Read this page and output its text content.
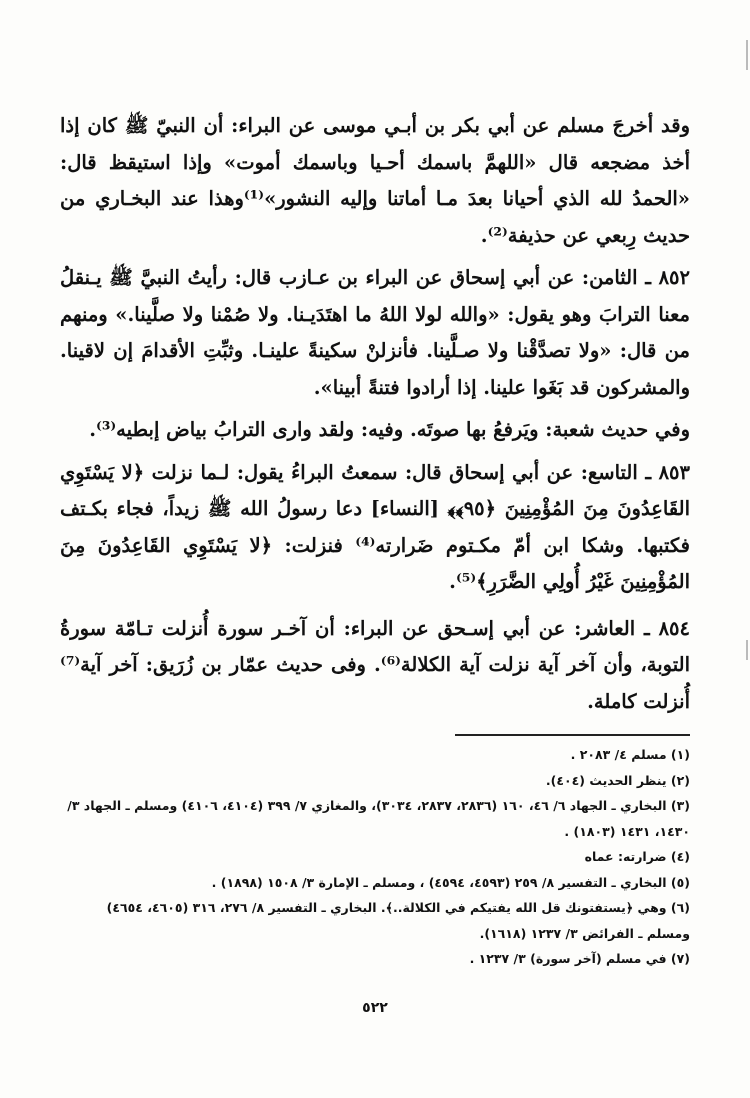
وقد أخرجَ مسلم عن أبي بكر بن أبـي موسى عن البراء: أن النبيّ ﷺ كان إذا أخذ مضجعه قال «اللهمَّ باسمك أحـيا وباسمك أموت» وإذا استيقظ قال: «الحمدُ لله الذي أحيانا بعدَ مـا أماتنا وإليه النشور»⁽¹⁾وهذا عند البخـاري من حديث رِبعي عن حذيفة⁽²⁾.

٨٥٢ ـ الثامن: عن أبي إسحاق عن البراء بن عـازب قال: رأيتُ النبيَّ ﷺ يـنقلُ معنا الترابَ وهو يقول: «والله لولا اللهُ ما اهتَدَيـنا. ولا صُمْنا ولا صلَّينا.» ومنهم من قال: «ولا تصدَّقْنا ولا صـلَّينا. فأنزلنْ سكينةً علينـا. وثبِّتِ الأقدامَ إن لاقينا. والمشركون قد بَغَوا علينا. إذا أرادوا فتنةً أبينا».

وفي حديث شعبة: ويَرفعُ بها صوتَه. وفيه: ولقد وارى الترابُ بياض إبطيه⁽³⁾.

٨٥٣ ـ التاسع: عن أبي إسحاق قال: سمعتُ البراءُ يقول: لـما نزلت ﴿لا يَسْتَوِي القَاعِدُونَ مِنَ المُؤْمِنِينَ ﴿٩٥﴾﴾ [النساء] دعا رسولُ الله ﷺ زيداً، فجاء بكـتف فكتبها. وشكا ابن أمّ مكـتوم ضَرارته⁽⁴⁾ فنزلت: ﴿لا يَسْتَوِي القَاعِدُونَ مِنَ المُؤْمِنِينَ غَيْرُ أُولِي الضَّرَرِ﴾⁽⁵⁾.

٨٥٤ ـ العاشر: عن أبي إسـحق عن البراء: أن آخـر سورة أُنزلت تـامّة سورةُ التوبة، وأن آخر آية نزلت آية الكلالة⁽⁶⁾. وفى حديث عمّار بن زُرَيق: آخر آية⁽⁷⁾ أُنزلت كاملة.

(١) مسلم ٤/ ٢٠٨٣ .

(٢) ينظر الحديث (٤٠٤).

(٣) البخاري ـ الجهاد ٦/ ٤٦، ١٦٠ (٢٨٣٦، ٢٨٣٧، ٣٠٣٤)، والمغازي ٧/ ٣٩٩ (٤١٠٤، ٤١٠٦) ومسلم ـ الجهاد ٣/ ١٤٣٠، ١٤٣١ (١٨٠٣) .

(٤) ضرارته: عماه

(٥) البخاري ـ التفسير ٨/ ٢٥٩ (٤٥٩٣، ٤٥٩٤) ، ومسلم ـ الإمارة ٣/ ١٥٠٨ (١٨٩٨) .

(٦) وهي ﴿يستفتونك قل الله يفتيكم في الكلالة..﴾. البخاري ـ التفسير ٨/ ٢٧٦، ٣١٦ (٤٦٠٥، ٤٦٥٤) ومسلم ـ الفرائض ٣/ ١٢٣٧ (١٦١٨).

(٧) في مسلم (آخر سورة) ٣/ ١٢٣٧ .

٥٢٢
